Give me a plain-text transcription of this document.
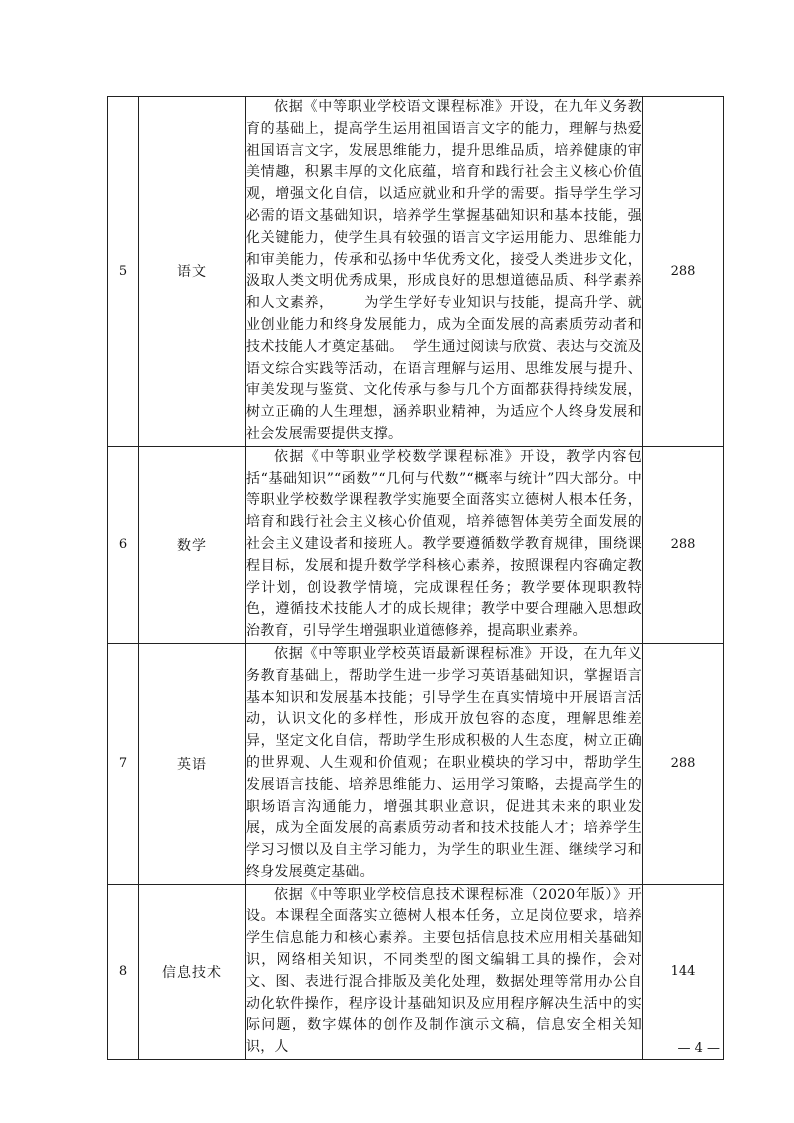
5	语文	依据《中等职业学校语文课程标准》开设，在九年义务教育的基础上，提高学生运用祖国语言文字的能力，理解与热爱祖国语言文字，发展思维能力，提升思维品质，培养健康的审美情趣，积累丰厚的文化底蕴，培育和践行社会主义核心价值观，增强文化自信，以适应就业和升学的需要。指导学生学习必需的语文基础知识，培养学生掌握基础知识和基本技能，强化关键能力，使学生具有较强的语言文字运用能力、思维能力和审美能力，传承和弘扬中华优秀文化，接受人类进步文化，汲取人类文明优秀成果，形成良好的思想道德品质、科学素养和人文素养，      为学生学好专业知识与技能，提高升学、就业创业能力和终身发展能力，成为全面发展的高素质劳动者和技术技能人才奠定基础。  学生通过阅读与欣赏、表达与交流及语文综合实践等活动，在语言理解与运用、思维发展与提升、审美发现与鉴赏、文化传承与参与几个方面都获得持续发展，树立正确的人生理想，涵养职业精神，为适应个人终身发展和社会发展需要提供支撑。	288
6	数学	依据《中等职业学校数学课程标准》开设，教学内容包括“基础知识”“函数”“几何与代数”“概率与统计”四大部分。中等职业学校数学课程教学实施要全面落实立德树人根本任务，培育和践行社会主义核心价值观，培养德智体美劳全面发展的社会主义建设者和接班人。教学要遵循数学教育规律，围绕课程目标，发展和提升数学学科核心素养，按照课程内容确定教学计划，创设教学情境，完成课程任务；教学要体现职教特色，遵循技术技能人才的成长规律；教学中要合理融入思想政治教育，引导学生增强职业道德修养，提高职业素养。	288
7	英语	依据《中等职业学校英语最新课程标准》开设，在九年义务教育基础上，帮助学生进一步学习英语基础知识，掌握语言基本知识和发展基本技能；引导学生在真实情境中开展语言活动，认识文化的多样性，形成开放包容的态度，理解思维差异，坚定文化自信，帮助学生形成积极的人生态度，树立正确的世界观、人生观和价值观；在职业模块的学习中，帮助学生发展语言技能、培养思维能力、运用学习策略，去提高学生的职场语言沟通能力，增强其职业意识，促进其未来的职业发展，成为全面发展的高素质劳动者和技术技能人才；培养学生学习习惯以及自主学习能力，为学生的职业生涯、继续学习和终身发展奠定基础。	288
8	信息技术	依据《中等职业学校信息技术课程标准（2020年版）》开设。本课程全面落实立德树人根本任务，立足岗位要求，培养学生信息能力和核心素养。主要包括信息技术应用相关基础知识，网络相关知识，不同类型的图文编辑工具的操作，会对文、图、表进行混合排版及美化处理，数据处理等常用办公自动化软件操作，程序设计基础知识及应用程序解决生活中的实际问题，数字媒体的创作及制作演示文稿，信息安全相关知识，人	144
— 4 —
